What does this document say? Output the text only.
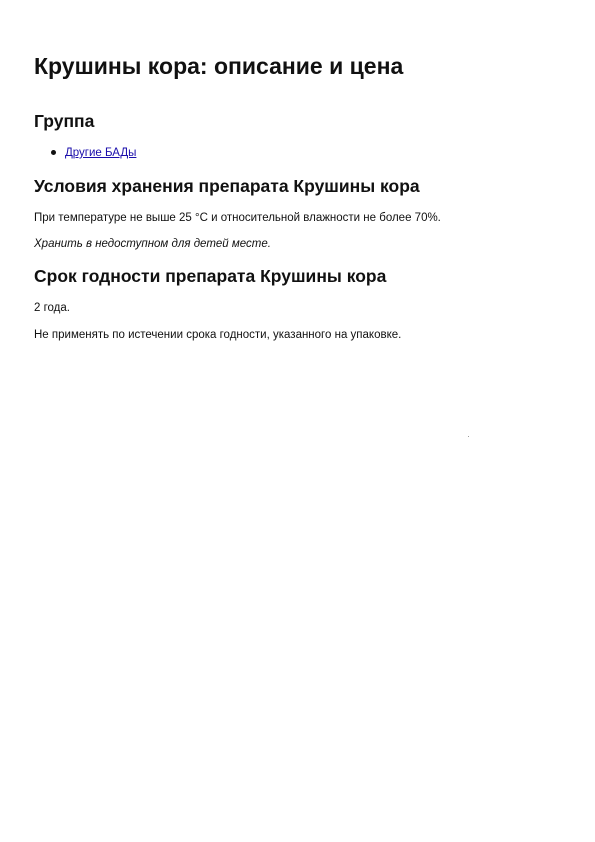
Крушины кора: описание и цена
Группа
Другие БАДы
Условия хранения препарата Крушины кора

При температуре не выше 25 °C и относительной влажности не более 70%.

Хранить в недоступном для детей месте.

Срок годности препарата Крушины кора

2 года.

Не применять по истечении срока годности, указанного на упаковке.
